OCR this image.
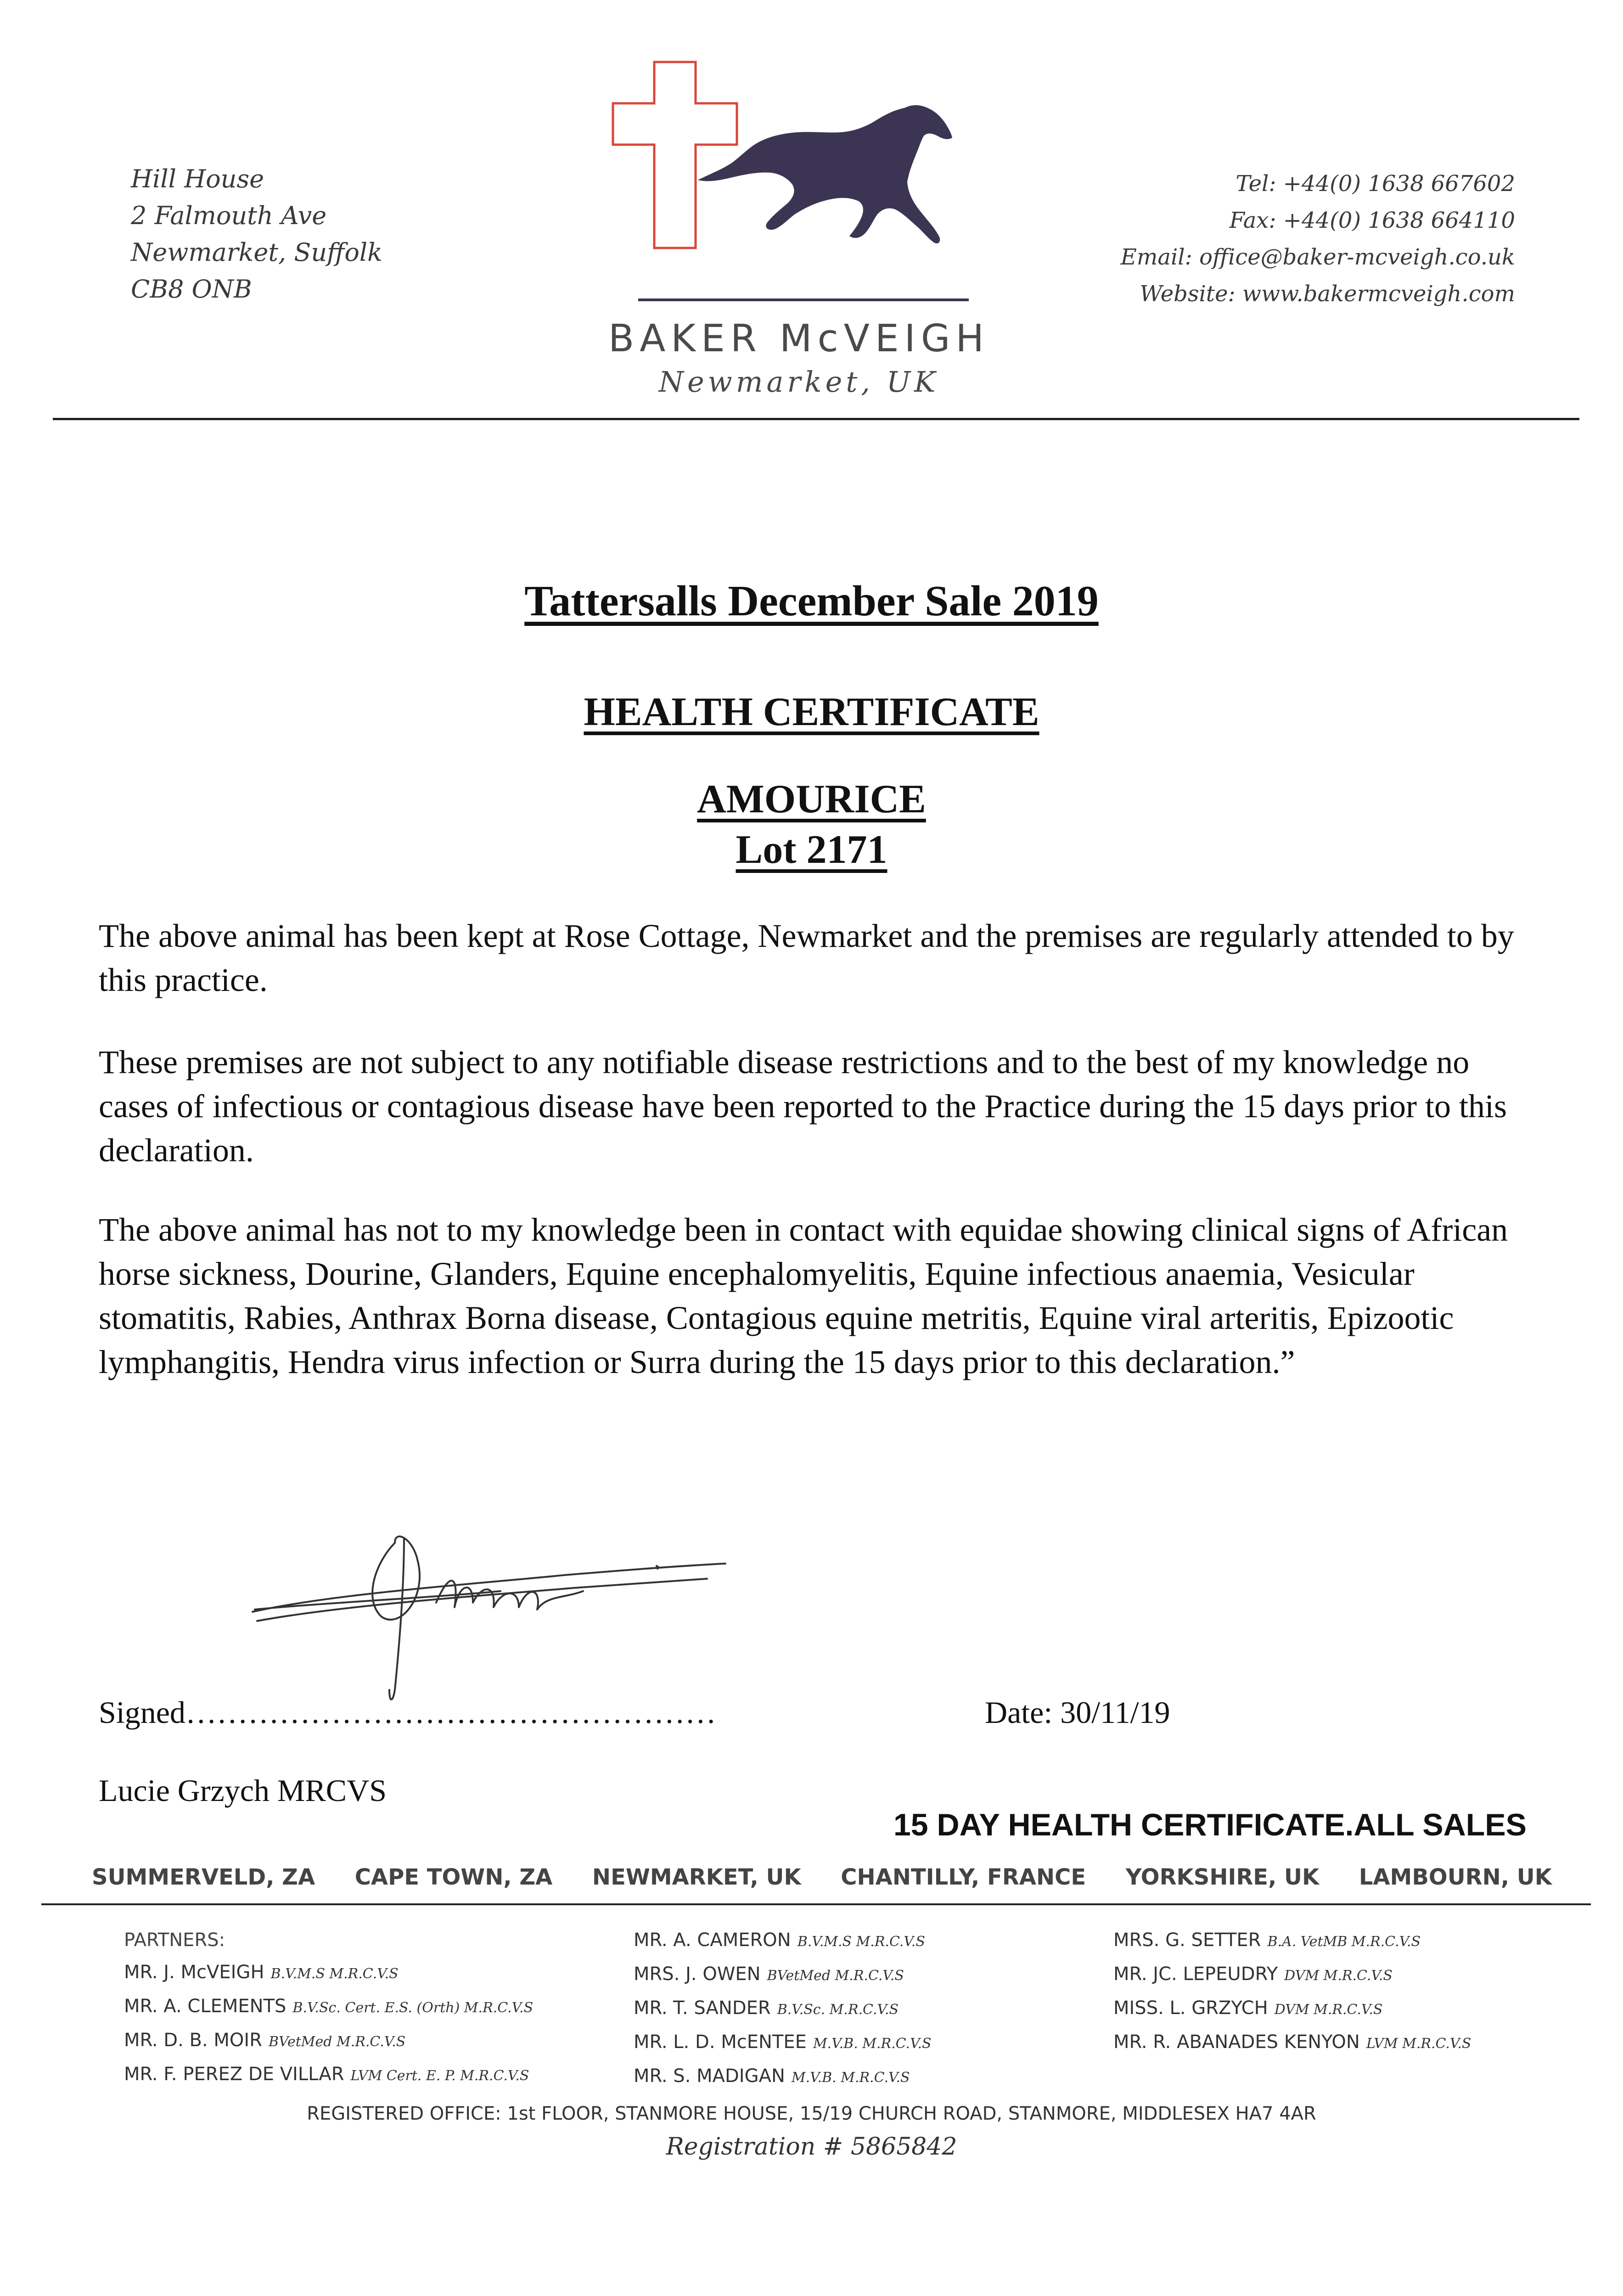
Hill House
2 Falmouth Ave
Newmarket, Suffolk
CB8 ONB
BAKER McVEIGH
Newmarket, UK
Tel: +44(0) 1638 667602
Fax: +44(0) 1638 664110
Email: office@baker-mcveigh.co.uk
Website: www.bakermcveigh.com
Tattersalls December Sale 2019
HEALTH CERTIFICATE
AMOURICE
Lot 2171
The above animal has been kept at Rose Cottage, Newmarket and the premises are regularly attended to by this practice.
These premises are not subject to any notifiable disease restrictions and to the best of my knowledge no cases of infectious or contagious disease have been reported to the Practice during the 15 days prior to this declaration.
The above animal has not to my knowledge been in contact with equidae showing clinical signs of African horse sickness, Dourine, Glanders, Equine encephalomyelitis, Equine infectious anaemia, Vesicular stomatitis, Rabies, Anthrax Borna disease, Contagious equine metritis, Equine viral arteritis, Epizootic lymphangitis, Hendra virus infection or Surra during the 15 days prior to this declaration.”
Signed……………………………………………	Date: 30/11/19
Lucie Grzych MRCVS
15 DAY HEALTH CERTIFICATE.ALL SALES
SUMMERVELD, ZA CAPE TOWN, ZA NEWMARKET, UK CHANTILLY, FRANCE YORKSHIRE, UK LAMBOURN, UK
PARTNERS:
MR. J. McVEIGH B.V.M.S M.R.C.V.S
MR. A. CLEMENTS B.V.Sc. Cert. E.S. (Orth) M.R.C.V.S
MR. D. B. MOIR BVetMed M.R.C.V.S
MR. F. PEREZ DE VILLAR LVM Cert. E. P. M.R.C.V.S
MR. A. CAMERON B.V.M.S M.R.C.V.S
MRS. J. OWEN BVetMed M.R.C.V.S
MR. T. SANDER B.V.Sc. M.R.C.V.S
MR. L. D. McENTEE M.V.B. M.R.C.V.S
MR. S. MADIGAN M.V.B. M.R.C.V.S
MRS. G. SETTER B.A. VetMB M.R.C.V.S
MR. JC. LEPEUDRY DVM M.R.C.V.S
MISS. L. GRZYCH DVM M.R.C.V.S
MR. R. ABANADES KENYON LVM M.R.C.V.S
REGISTERED OFFICE: 1st FLOOR, STANMORE HOUSE, 15/19 CHURCH ROAD, STANMORE, MIDDLESEX HA7 4AR
Registration # 5865842
